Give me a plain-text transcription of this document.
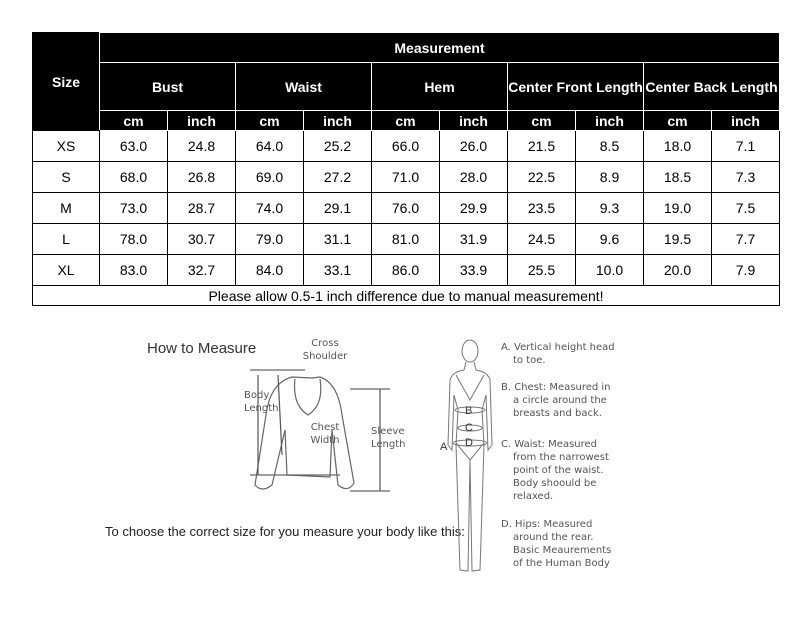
Size	Measurement									
	Bust		Waist		Hem		Center Front Length		Center Back Length	
	cm	inch	cm	inch	cm	inch	cm	inch	cm	inch
XS	63.0	24.8	64.0	25.2	66.0	26.0	21.5	8.5	18.0	7.1
S	68.0	26.8	69.0	27.2	71.0	28.0	22.5	8.9	18.5	7.3
M	73.0	28.7	74.0	29.1	76.0	29.9	23.5	9.3	19.0	7.5
L	78.0	30.7	79.0	31.1	81.0	31.9	24.5	9.6	19.5	7.7
XL	83.0	32.7	84.0	33.1	86.0	33.9	25.5	10.0	20.0	7.9
Please allow 0.5-1 inch difference due to manual measurement!										
How to Measure	Cross Shoulder
Body Length
Chest Width
Sleeve Length
To choose the correct size for you measure your body like this:
B
C
D
A
A. Vertical height head to toe.
B. Chest: Measured in a circle around the breasts and back.
C. Waist: Measured from the narrowest point of the waist. Body shoould be relaxed.
D. Hips: Measured around the rear. Basic Meaurements of the Human Body
